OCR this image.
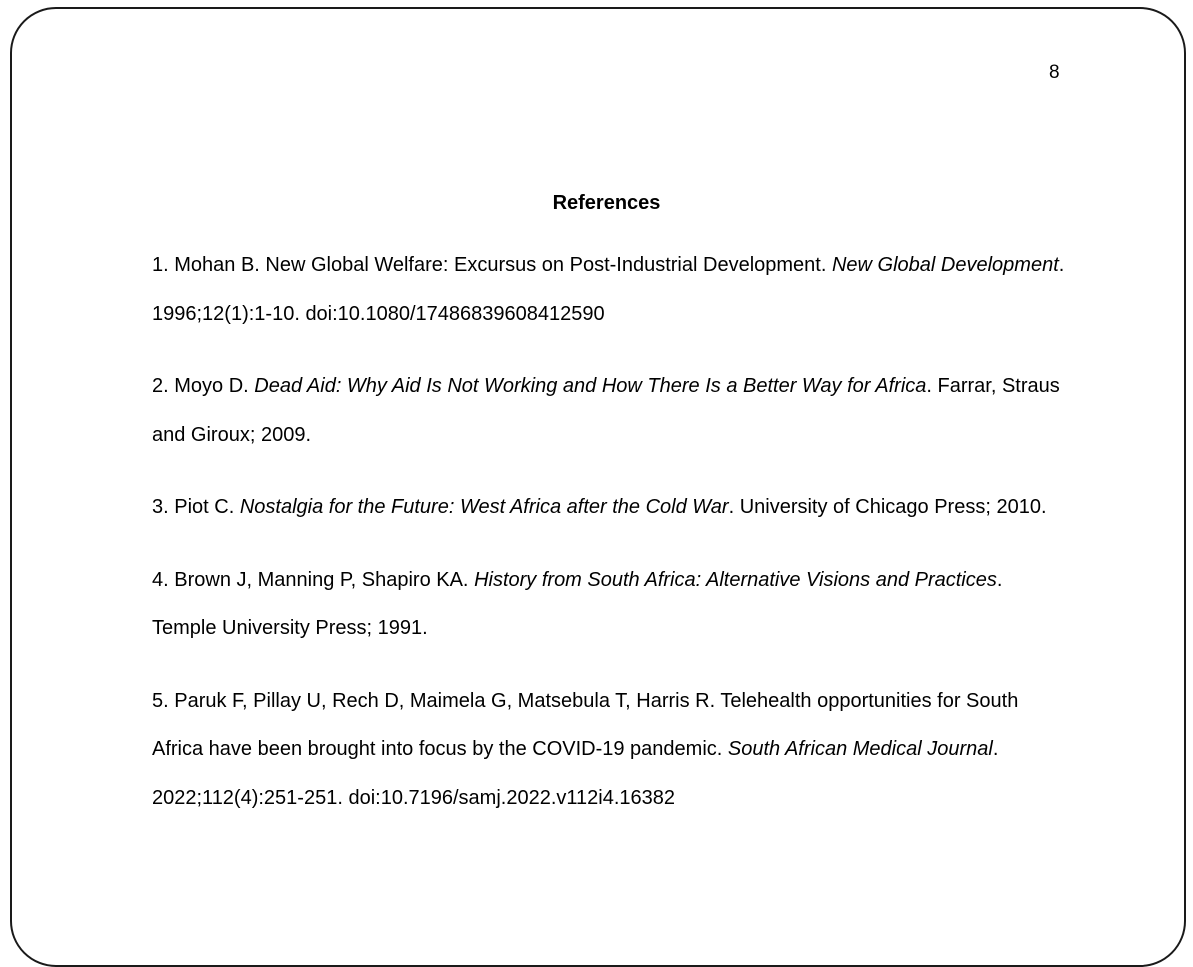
8
References
1. Mohan B. New Global Welfare: Excursus on Post-Industrial Development. New Global Development. 1996;12(1):1-10. doi:10.1080/17486839608412590
2. Moyo D. Dead Aid: Why Aid Is Not Working and How There Is a Better Way for Africa. Farrar, Straus and Giroux; 2009.
3. Piot C. Nostalgia for the Future: West Africa after the Cold War. University of Chicago Press; 2010.
4. Brown J, Manning P, Shapiro KA. History from South Africa: Alternative Visions and Practices. Temple University Press; 1991.
5. Paruk F, Pillay U, Rech D, Maimela G, Matsebula T, Harris R. Telehealth opportunities for South Africa have been brought into focus by the COVID-19 pandemic. South African Medical Journal. 2022;112(4):251-251. doi:10.7196/samj.2022.v112i4.16382
